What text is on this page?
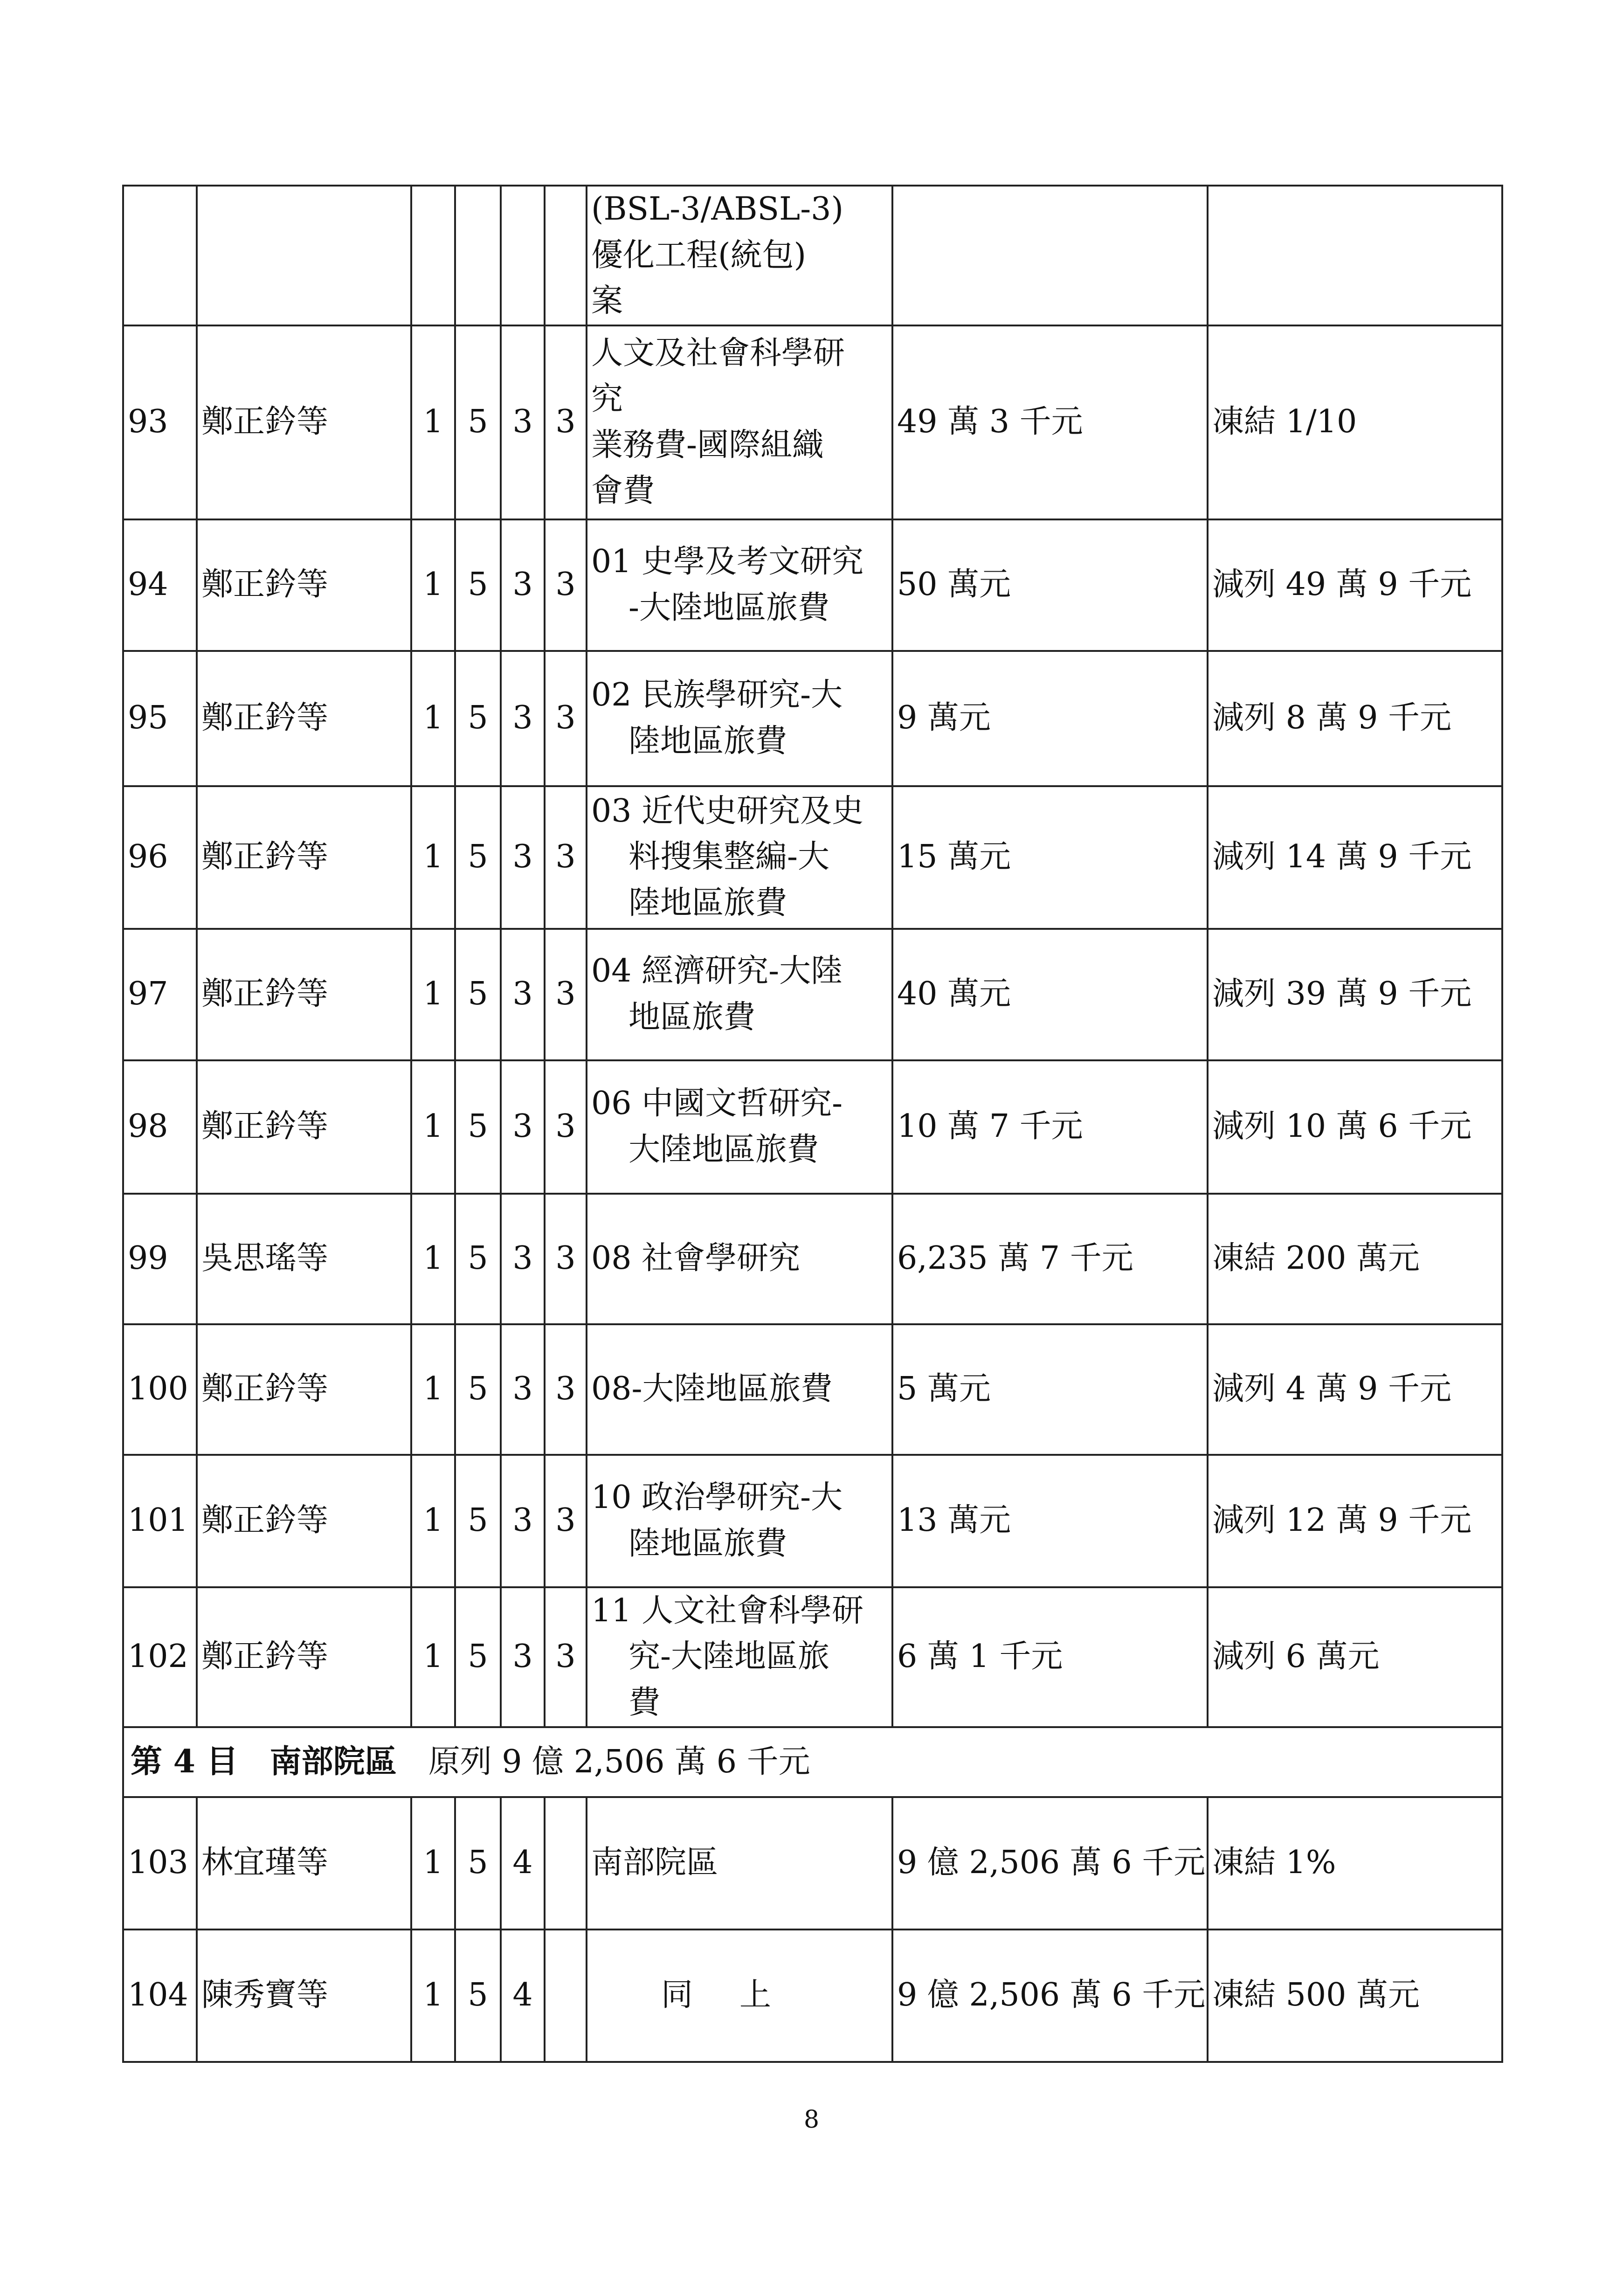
						(BSL-3/ABSL-3)
優化工程(統包)
案		

93	鄭正鈐等	1	5	3	3	人文及社會科學研
究
業務費-國際組織
會費	49 萬 3 千元	凍結 1/10
94	鄭正鈐等	1	5	3	3	01 史學及考文研究
-大陸地區旅費	50 萬元	減列 49 萬 9 千元
95	鄭正鈐等	1	5	3	3	02 民族學研究-大
陸地區旅費	9 萬元	減列 8 萬 9 千元
96	鄭正鈐等	1	5	3	3	03 近代史研究及史
料搜集整編-大
陸地區旅費	15 萬元	減列 14 萬 9 千元
97	鄭正鈐等	1	5	3	3	04 經濟研究-大陸
地區旅費	40 萬元	減列 39 萬 9 千元
98	鄭正鈐等	1	5	3	3	06 中國文哲研究-
大陸地區旅費	10 萬 7 千元	減列 10 萬 6 千元
99	吳思瑤等	1	5	3	3	08 社會學研究	6,235 萬 7 千元	凍結 200 萬元
100	鄭正鈐等	1	5	3	3	08-大陸地區旅費	5 萬元	減列 4 萬 9 千元
101	鄭正鈐等	1	5	3	3	10 政治學研究-大
陸地區旅費	13 萬元	減列 12 萬 9 千元
102	鄭正鈐等	1	5	3	3	11 人文社會科學研
究-大陸地區旅
費	6 萬 1 千元	減列 6 萬元
第 4 目　南部院區　 原列 9 億 2,506 萬 6 千元								
103	林宜瑾等	1	5	4		南部院區	9 億 2,506 萬 6 千元	凍結 1%
104	陳秀寶等	1	5	4		同上	9 億 2,506 萬 6 千元	凍結 500 萬元
8
